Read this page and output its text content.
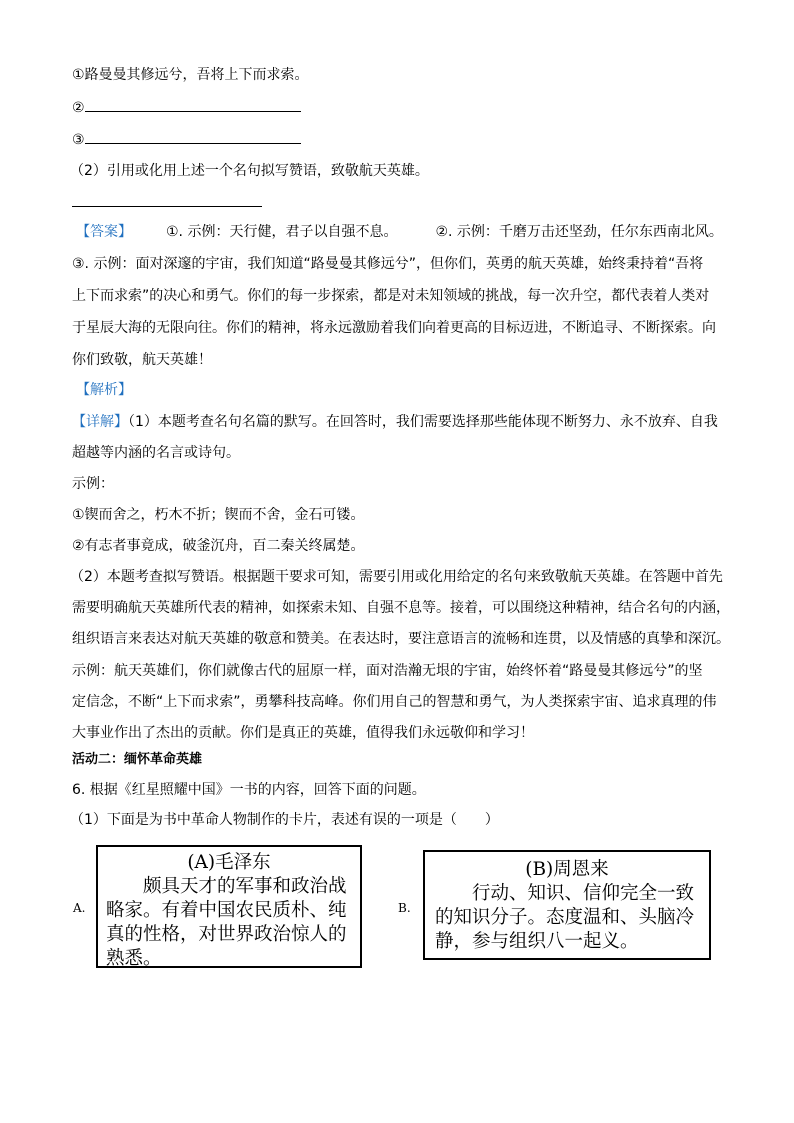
①路曼曼其修远兮，吾将上下而求索。
②
③
（2）引用或化用上述一个名句拟写赞语，致敬航天英雄。
【答案】 ①. 示例：天行健，君子以自强不息。	②. 示例：千磨万击还坚劲，任尔东西南北风。
③. 示例：面对深邃的宇宙，我们知道“路曼曼其修远兮”，但你们，英勇的航天英雄，始终秉持着“吾将
上下而求索”的决心和勇气。你们的每一步探索，都是对未知领域的挑战，每一次升空，都代表着人类对
于星辰大海的无限向往。你们的精神，将永远激励着我们向着更高的目标迈进，不断追寻、不断探索。向
你们致敬，航天英雄！
【解析】
【详解】（1）本题考查名句名篇的默写。在回答时，我们需要选择那些能体现不断努力、永不放弃、自我
超越等内涵的名言或诗句。
示例：
①锲而舍之，朽木不折；锲而不舍，金石可镂。
②有志者事竟成，破釜沉舟，百二秦关终属楚。
（2）本题考查拟写赞语。根据题干要求可知，需要引用或化用给定的名句来致敬航天英雄。在答题中首先
需要明确航天英雄所代表的精神，如探索未知、自强不息等。接着，可以围绕这种精神，结合名句的内涵，
组织语言来表达对航天英雄的敬意和赞美。在表达时，要注意语言的流畅和连贯，以及情感的真挚和深沉。
示例：航天英雄们，你们就像古代的屈原一样，面对浩瀚无垠的宇宙，始终怀着“路曼曼其修远兮”的坚
定信念，不断“上下而求索”，勇攀科技高峰。你们用自己的智慧和勇气，为人类探索宇宙、追求真理的伟
大事业作出了杰出的贡献。你们是真正的英雄，值得我们永远敬仰和学习！
活动二：缅怀革命英雄
6. 根据《红星照耀中国》一书的内容，回答下面的问题。
（1）下面是为书中革命人物制作的卡片，表述有误的一项是（　　）
A.
(A)毛泽东
颇具天才的军事和政治战略家。有着中国农民质朴、纯真的性格，对世界政治惊人的熟悉。
B.
(B)周恩来
行动、知识、信仰完全一致的知识分子。态度温和、头脑冷静，参与组织八一起义。
